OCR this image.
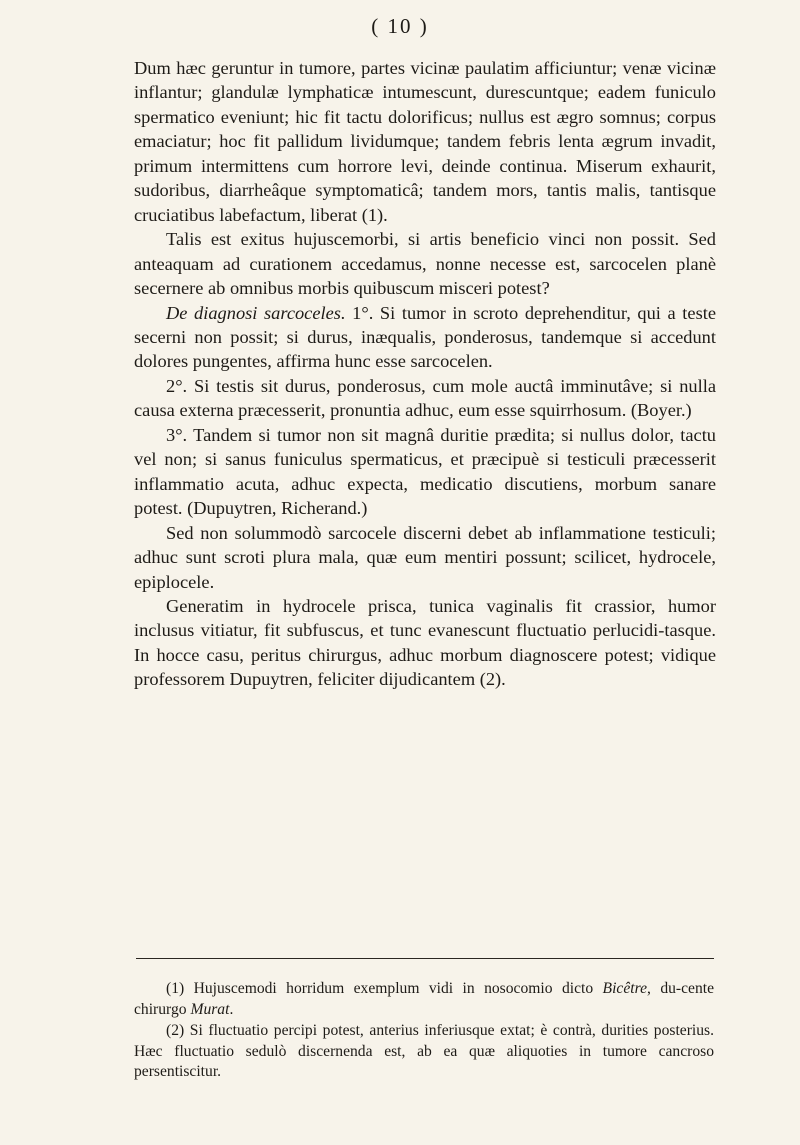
( 10 )

Dum hæc geruntur in tumore, partes vicinæ paulatim afficiuntur; venæ vicinæ inflantur; glandulæ lymphaticæ intumescunt, durescuntque; eadem funiculo spermatico eveniunt; hic fit tactu dolorificus; nullus est ægro somnus; corpus emaciatur; hoc fit pallidum lividumque; tandem febris lenta ægrum invadit, primum intermittens cum horrore levi, deinde continua. Miserum exhaurit, sudoribus, diarrheâque symptomaticâ; tandem mors, tantis malis, tantisque cruciatibus labefactum, liberat (1).

Talis est exitus hujuscemorbi, si artis beneficio vinci non possit. Sed anteaquam ad curationem accedamus, nonne necesse est, sarcocelen planè secernere ab omnibus morbis quibuscum misceri potest?

De diagnosi sarcoceles. 1°. Si tumor in scroto deprehenditur, qui a teste secerni non possit; si durus, inæqualis, ponderosus, tandemque si accedunt dolores pungentes, affirma hunc esse sarcocelen.

2°. Si testis sit durus, ponderosus, cum mole auctâ imminutâve; si nulla causa externa præcesserit, pronuntia adhuc, eum esse squirrhosum. (Boyer.)

3°. Tandem si tumor non sit magnâ duritie prædita; si nullus dolor, tactu vel non; si sanus funiculus spermaticus, et præcipuè si testiculi præcesserit inflammatio acuta, adhuc expecta, medicatio discutiens, morbum sanare potest. (Dupuytren, Richerand.)

Sed non solummodò sarcocele discerni debet ab inflammatione testiculi; adhuc sunt scroti plura mala, quæ eum mentiri possunt; scilicet, hydrocele, epiplocele.

Generatim in hydrocele prisca, tunica vaginalis fit crassior, humor inclusus vitiatur, fit subfuscus, et tunc evanescunt fluctuatio perlucidi-tasque. In hocce casu, peritus chirurgus, adhuc morbum diagnoscere potest; vidique professorem Dupuytren, feliciter dijudicantem (2).

(1) Hujuscemodi horridum exemplum vidi in nosocomio dicto Bicêtre, du-cente chirurgo Murat.

(2) Si fluctuatio percipi potest, anterius inferiusque extat; è contrà, durities posterius. Hæc fluctuatio sedulò discernenda est, ab ea quæ aliquoties in tumore cancroso persentiscitur.
